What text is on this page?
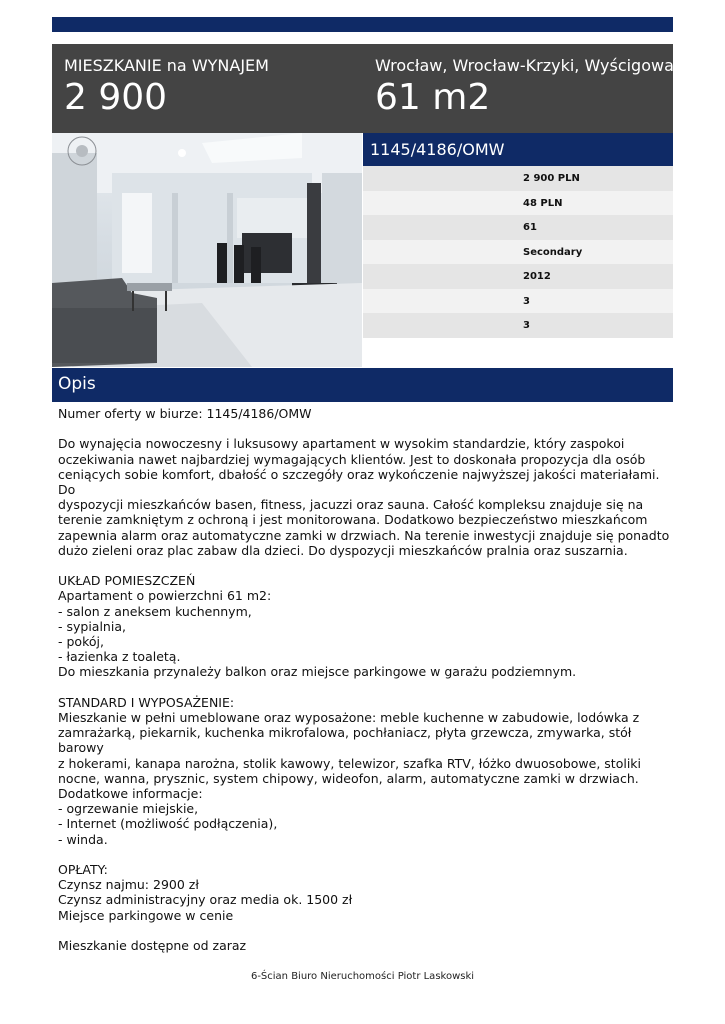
MIESZKANIE na WYNAJEM
2 900
Wrocław, Wrocław-Krzyki, Wyścigowa
61 m2
1145/4186/OMW
2 900 PLN
48 PLN
61
Secondary
2012
3
3
Opis

Numer oferty w biurze: 1145/4186/OMW

Do wynajęcia nowoczesny i luksusowy apartament w wysokim standardzie, który zaspokoi

oczekiwania nawet najbardziej wymagających klientów. Jest to doskonała propozycja dla osób

ceniących sobie komfort, dbałość o szczegóły oraz wykończenie najwyższej jakości materiałami. Do

dyspozycji mieszkańców basen, fitness, jacuzzi oraz sauna. Całość kompleksu znajduje się na

terenie zamkniętym z ochroną i jest monitorowana. Dodatkowo bezpieczeństwo mieszkańcom

zapewnia alarm oraz automatyczne zamki w drzwiach. Na terenie inwestycji znajduje się ponadto

dużo zieleni oraz plac zabaw dla dzieci. Do dyspozycji mieszkańców pralnia oraz suszarnia.

UKŁAD POMIESZCZEŃ

Apartament o powierzchni 61 m2:

- salon z aneksem kuchennym,

- sypialnia,

- pokój,

- łazienka z toaletą.

Do mieszkania przynależy balkon oraz miejsce parkingowe w garażu podziemnym.

STANDARD I WYPOSAŻENIE:

Mieszkanie w pełni umeblowane oraz wyposażone: meble kuchenne w zabudowie, lodówka z

zamrażarką, piekarnik, kuchenka mikrofalowa, pochłaniacz, płyta grzewcza, zmywarka, stół barowy

z hokerami, kanapa narożna, stolik kawowy, telewizor, szafka RTV, łóżko dwuosobowe, stoliki

nocne, wanna, prysznic, system chipowy, wideofon, alarm, automatyczne zamki w drzwiach.

Dodatkowe informacje:

- ogrzewanie miejskie,

- Internet (możliwość podłączenia),

- winda.

OPŁATY:

Czynsz najmu: 2900 zł

Czynsz administracyjny oraz media ok. 1500 zł

Miejsce parkingowe w cenie

Mieszkanie dostępne od zaraz

6-Ścian Biuro Nieruchomości Piotr Laskowski
